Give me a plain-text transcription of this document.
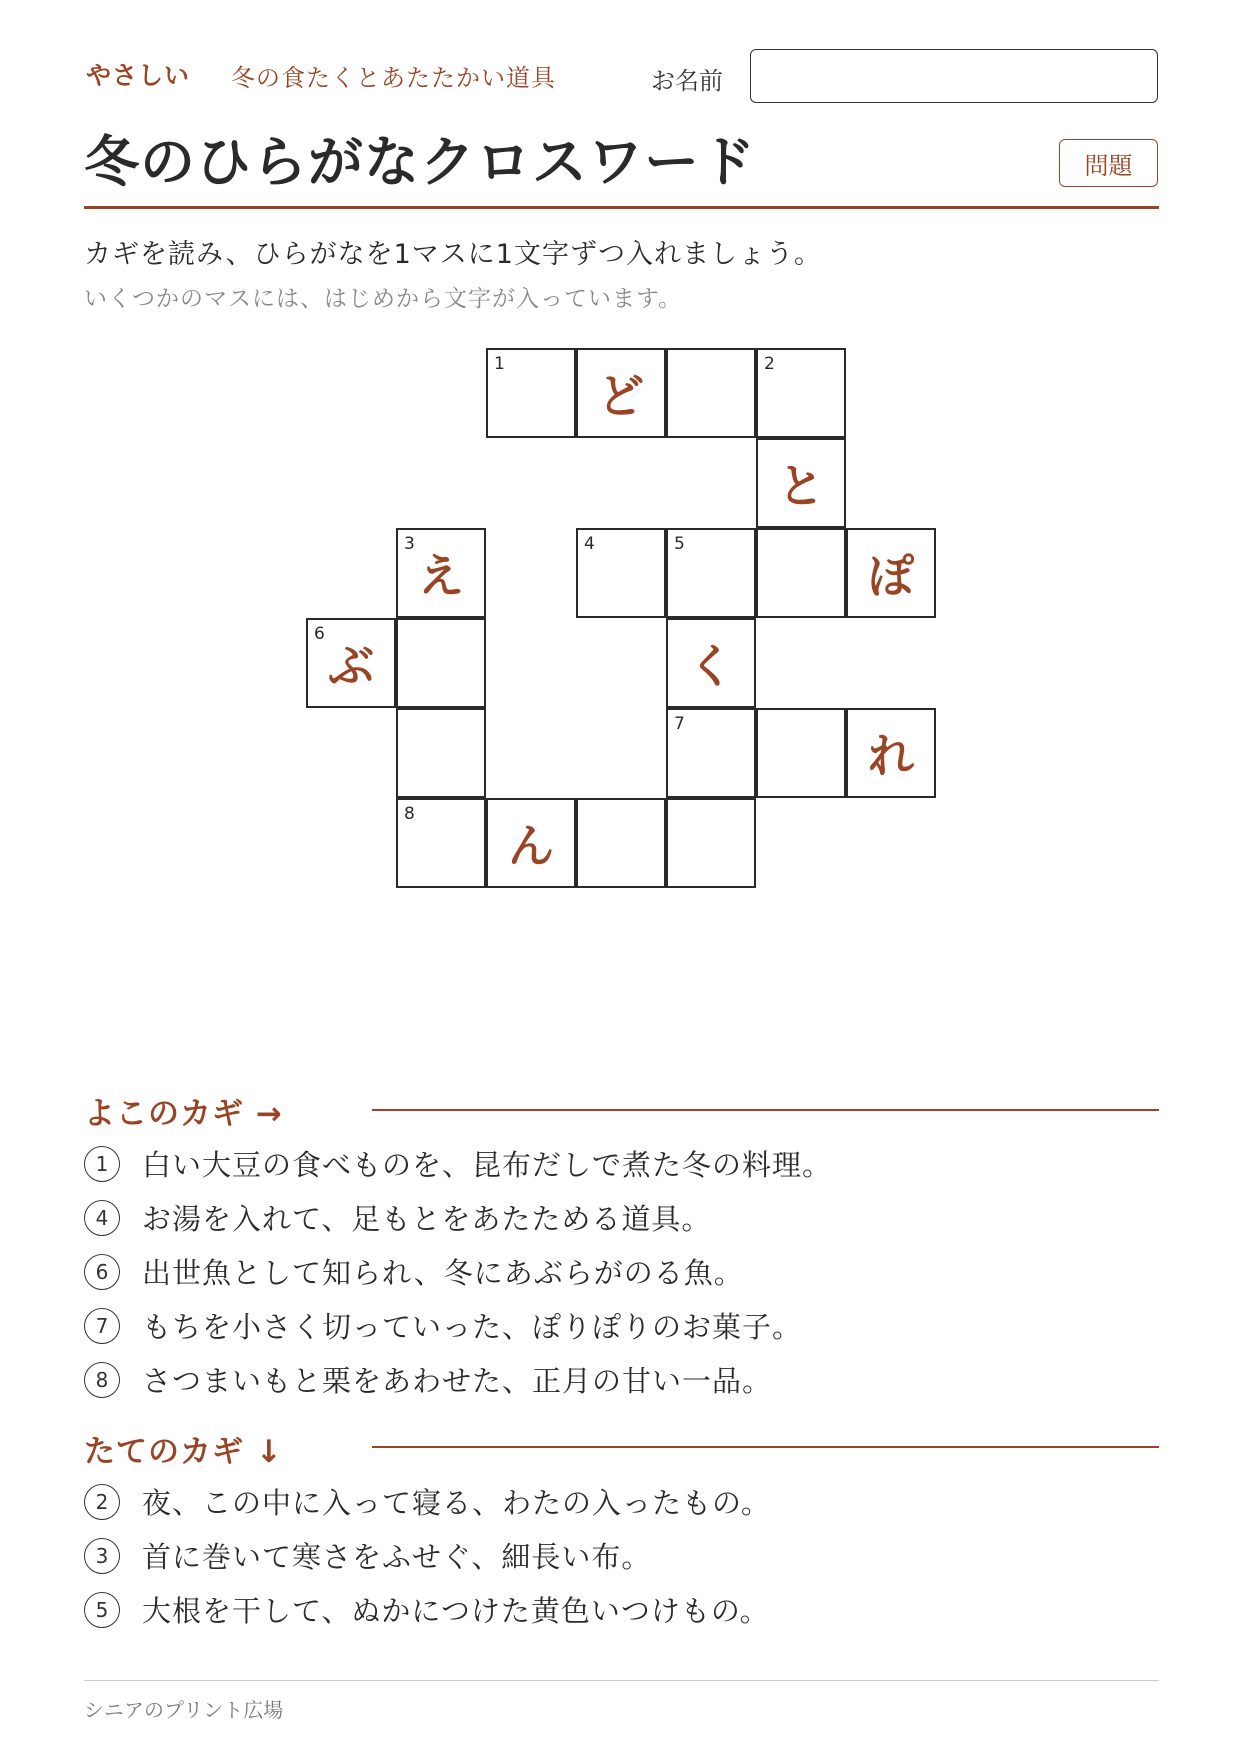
やさしい 冬の食たくとあたたかい道具	お名前
冬のひらがなクロスワード	問題
カギを読み、ひらがなを1マスに1文字ずつ入れましょう。
いくつかのマスには、はじめから文字が入っています。
1
ど
2
と
え
3	4	5
ぽ
ぶ
6
く
7
れ
8
ん
よこのカギ →
1	白い大豆の食べものを、昆布だしで煮た冬の料理。
4	お湯を入れて、足もとをあたためる道具。
6	出世魚として知られ、冬にあぶらがのる魚。
7	もちを小さく切っていった、ぽりぽりのお菓子。
8	さつまいもと栗をあわせた、正月の甘い一品。
たてのカギ ↓
2	夜、この中に入って寝る、わたの入ったもの。
3	首に巻いて寒さをふせぐ、細長い布。
5	大根を干して、ぬかにつけた黄色いつけもの。
シニアのプリント広場
